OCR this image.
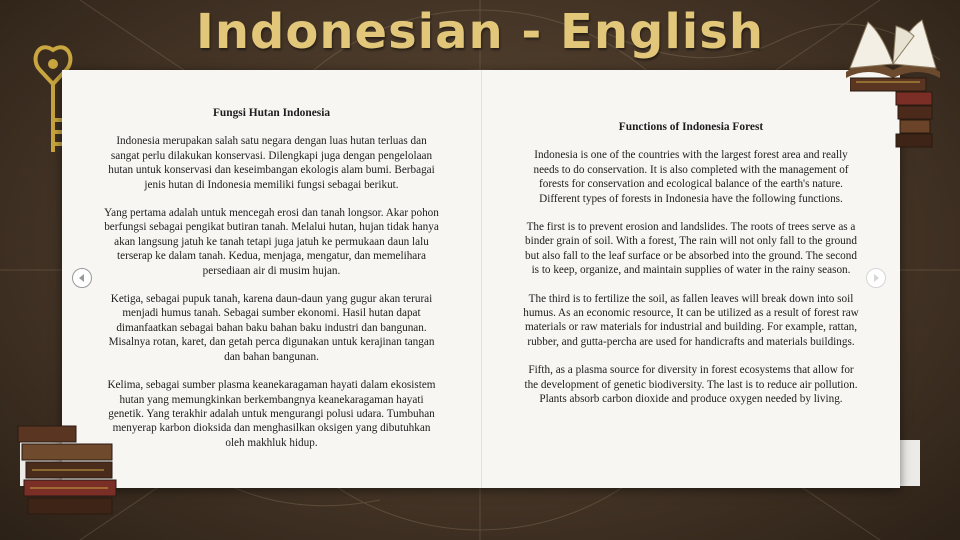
Indonesian - English
Fungsi Hutan Indonesia

Indonesia merupakan salah satu negara dengan luas hutan terluas dan sangat perlu dilakukan konservasi. Dilengkapi juga dengan pengelolaan hutan untuk konservasi dan keseimbangan ekologis alam bumi. Berbagai jenis hutan di Indonesia memiliki fungsi sebagai berikut.

Yang pertama adalah untuk mencegah erosi dan tanah longsor. Akar pohon berfungsi sebagai pengikat butiran tanah. Melalui hutan, hujan tidak hanya akan langsung jatuh ke tanah tetapi juga jatuh ke permukaan daun lalu terserap ke dalam tanah. Kedua, menjaga, mengatur, dan memelihara persediaan air di musim hujan.

Ketiga, sebagai pupuk tanah, karena daun-daun yang gugur akan terurai menjadi humus tanah. Sebagai sumber ekonomi. Hasil hutan dapat dimanfaatkan sebagai bahan baku bahan baku industri dan bangunan. Misalnya rotan, karet, dan getah perca digunakan untuk kerajinan tangan dan bahan bangunan.

Kelima, sebagai sumber plasma keanekaragaman hayati dalam ekosistem hutan yang memungkinkan berkembangnya keanekaragaman hayati genetik. Yang terakhir adalah untuk mengurangi polusi udara. Tumbuhan menyerap karbon dioksida dan menghasilkan oksigen yang dibutuhkan oleh makhluk hidup.

Functions of Indonesia Forest

Indonesia is one of the countries with the largest forest area and really needs to do conservation. It is also completed with the management of forests for conservation and ecological balance of the earth's nature. Different types of forests in Indonesia have the following functions.

The first is to prevent erosion and landslides. The roots of trees serve as a binder grain of soil. With a forest, The rain will not only fall to the ground but also fall to the leaf surface or be absorbed into the ground. The second is to keep, organize, and maintain supplies of water in the rainy season.

The third is to fertilize the soil, as fallen leaves will break down into soil humus. As an economic resource, It can be utilized as a result of forest raw materials or raw materials for industrial and building. For example, rattan, rubber, and gutta-percha are used for handicrafts and materials buildings.

Fifth, as a plasma source for diversity in forest ecosystems that allow for the development of genetic biodiversity. The last is to reduce air pollution. Plants absorb carbon dioxide and produce oxygen needed by living.
